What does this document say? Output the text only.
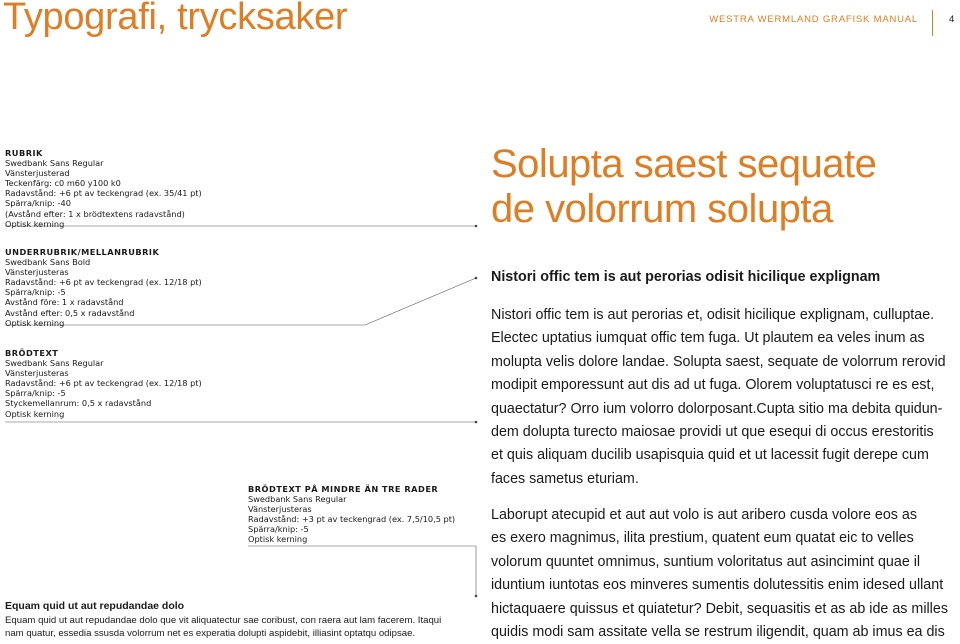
Typografi, trycksaker	WESTRA WERMLAND GRAFISK MANUAL	4
RUBRIK
Swedbank Sans Regular
Vänsterjusterad
Teckenfärg: c0 m60 y100 k0
Radavstånd: +6 pt av teckengrad (ex. 35/41 pt)
Spärra/knip: -40
(Avstånd efter: 1 x brödtextens radavstånd)
Optisk kerning
UNDERRUBRIK/MELLANRUBRIK
Swedbank Sans Bold
Vänsterjusteras
Radavstånd: +6 pt av teckengrad (ex. 12/18 pt)
Spärra/knip: -5
Avstånd före: 1 x radavstånd
Avstånd efter: 0,5 x radavstånd
Optisk kerning
BRÖDTEXT
Swedbank Sans Regular
Vänsterjusteras
Radavstånd: +6 pt av teckengrad (ex. 12/18 pt)
Spärra/knip: -5
Styckemellanrum: 0,5 x radavstånd
Optisk kerning
BRÖDTEXT PÅ MINDRE ÄN TRE RADER
Swedbank Sans Regular
Vänsterjusteras
Radavstånd: +3 pt av teckengrad (ex. 7,5/10,5 pt)
Spärra/knip: -5
Optisk kerning
Solupta saest sequate
de volorrum solupta
Nistori offic tem is aut perorias odisit hicilique explignam
Nistori offic tem is aut perorias et, odisit hicilique explignam, culluptae.
Electec uptatius iumquat offic tem fuga. Ut plautem ea veles inum as
molupta velis dolore landae. Solupta saest, sequate de volorrum rerovid
modipit emporessunt aut dis ad ut fuga. Olorem voluptatusci re es est,
quaectatur? Orro ium volorro dolorposant.Cupta sitio ma debita quidun-
dem dolupta turecto maiosae providi ut que esequi di occus erestoritis
et quis aliquam ducilib usapisquia quid et ut lacessit fugit derepe cum
faces sametus eturiam.
Laborupt atecupid et aut aut volo is aut aribero cusda volore eos as
es exero magnimus, ilita prestium, quatent eum quatat eic to velles
volorum quuntet omnimus, suntium voloritatus aut asincimint quae il
iduntium iuntotas eos minveres sumentis dolutessitis enim idesed ullant
hictaquaere quissus et quiatetur? Debit, sequasitis et as ab ide as milles
quidis modi sam assitate vella se restrum iligendit, quam ab imus ea dis
Equam quid ut aut repudandae dolo
Equam quid ut aut repudandae dolo que vit aliquatectur sae coribust, con raera aut lam facerem. Itaqui
nam quatur, essedia ssusda volorrum net es experatia dolupti aspidebit, illiasint optatqu odipsae.
